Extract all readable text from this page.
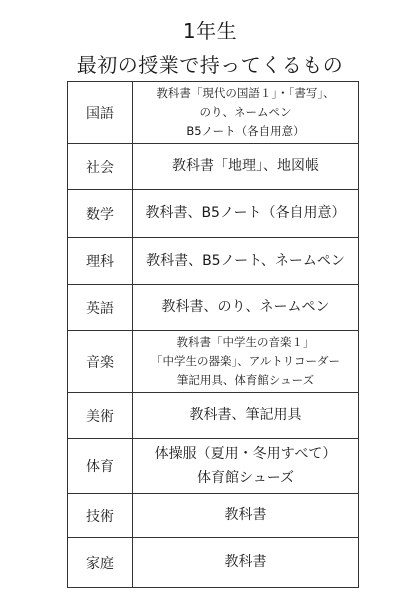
1年生
最初の授業で持ってくるもの
国語	教科書「現代の国語１」・「書写」、
のり、ネームペン
B5ノート（各自用意）

社会	教科書「地理」、地図帳

数学	教科書、B5ノート（各自用意）

理科	教科書、B5ノート、ネームペン

英語	教科書、のり、ネームペン

音楽	教科書「中学生の音楽１」
「中学生の器楽」、アルトリコーダー
筆記用具、体育館シューズ

美術	教科書、筆記用具

体育	体操服（夏用・冬用すべて）
体育館シューズ

技術	教科書

家庭	教科書
